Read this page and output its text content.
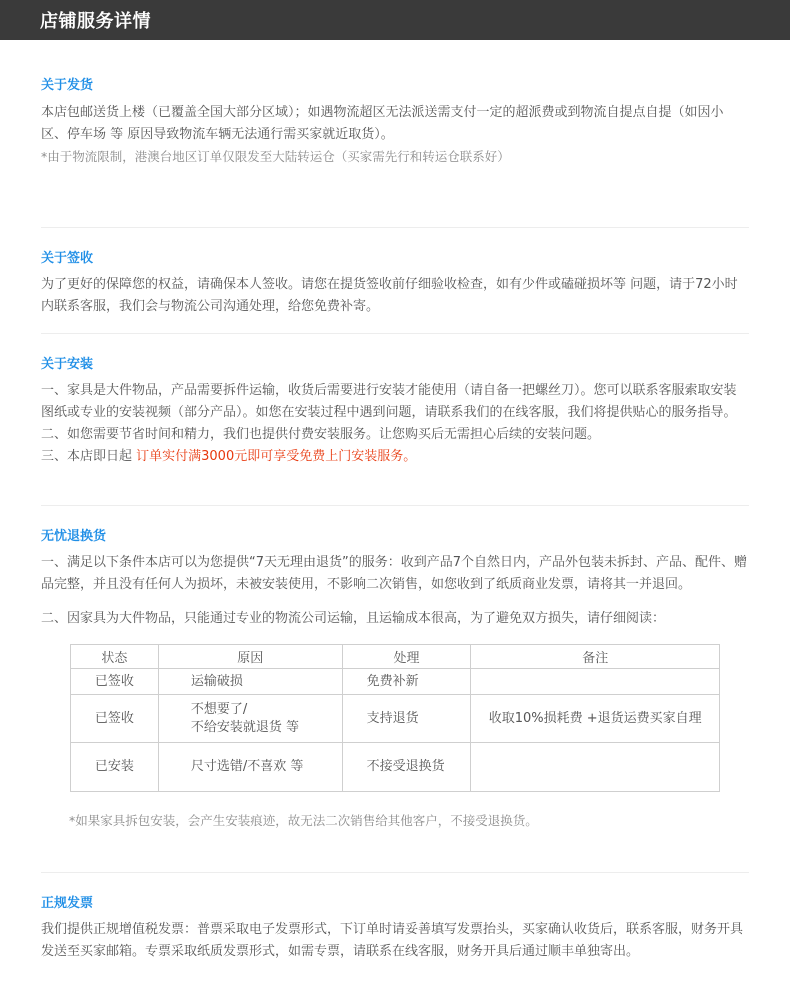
店铺服务详情
关于发货
本店包邮送货上楼（已覆盖全国大部分区域）；如遇物流超区无法派送需支付一定的超派费或到物流自提点自提（如因小区、停车场 等 原因导致物流车辆无法通行需买家就近取货）。
*由于物流限制，港澳台地区订单仅限发至大陆转运仓（买家需先行和转运仓联系好）
关于签收
为了更好的保障您的权益，请确保本人签收。请您在提货签收前仔细验收检查，如有少件或磕碰损坏等 问题，请于72小时内联系客服，我们会与物流公司沟通处理，给您免费补寄。
关于安装
一、家具是大件物品，产品需要拆件运输，收货后需要进行安装才能使用（请自备一把螺丝刀）。您可以联系客服索取安装图纸或专业的安装视频（部分产品）。如您在安装过程中遇到问题，请联系我们的在线客服，我们将提供贴心的服务指导。
二、如您需要节省时间和精力，我们也提供付费安装服务。让您购买后无需担心后续的安装问题。
三、本店即日起 订单实付满3000元即可享受免费上门安装服务。
无忧退换货
一、满足以下条件本店可以为您提供“7天无理由退货”的服务：收到产品7个自然日内，产品外包装未拆封、产品、配件、赠品完整，并且没有任何人为损坏，未被安装使用，不影响二次销售，如您收到了纸质商业发票，请将其一并退回。
二、因家具为大件物品，只能通过专业的物流公司运输，且运输成本很高，为了避免双方损失，请仔细阅读：
状态	原因	处理	备注
已签收	运输破损	免费补新	
已签收	不想要了/
不给安装就退货 等	支持退货	收取10%损耗费 +退货运费买家自理
已安装	尺寸选错/不喜欢 等	不接受退换货	
*如果家具拆包安装，会产生安装痕迹，故无法二次销售给其他客户，不接受退换货。
正规发票
我们提供正规增值税发票：普票采取电子发票形式，下订单时请妥善填写发票抬头，买家确认收货后，联系客服，财务开具发送至买家邮箱。专票采取纸质发票形式，如需专票，请联系在线客服，财务开具后通过顺丰单独寄出。
